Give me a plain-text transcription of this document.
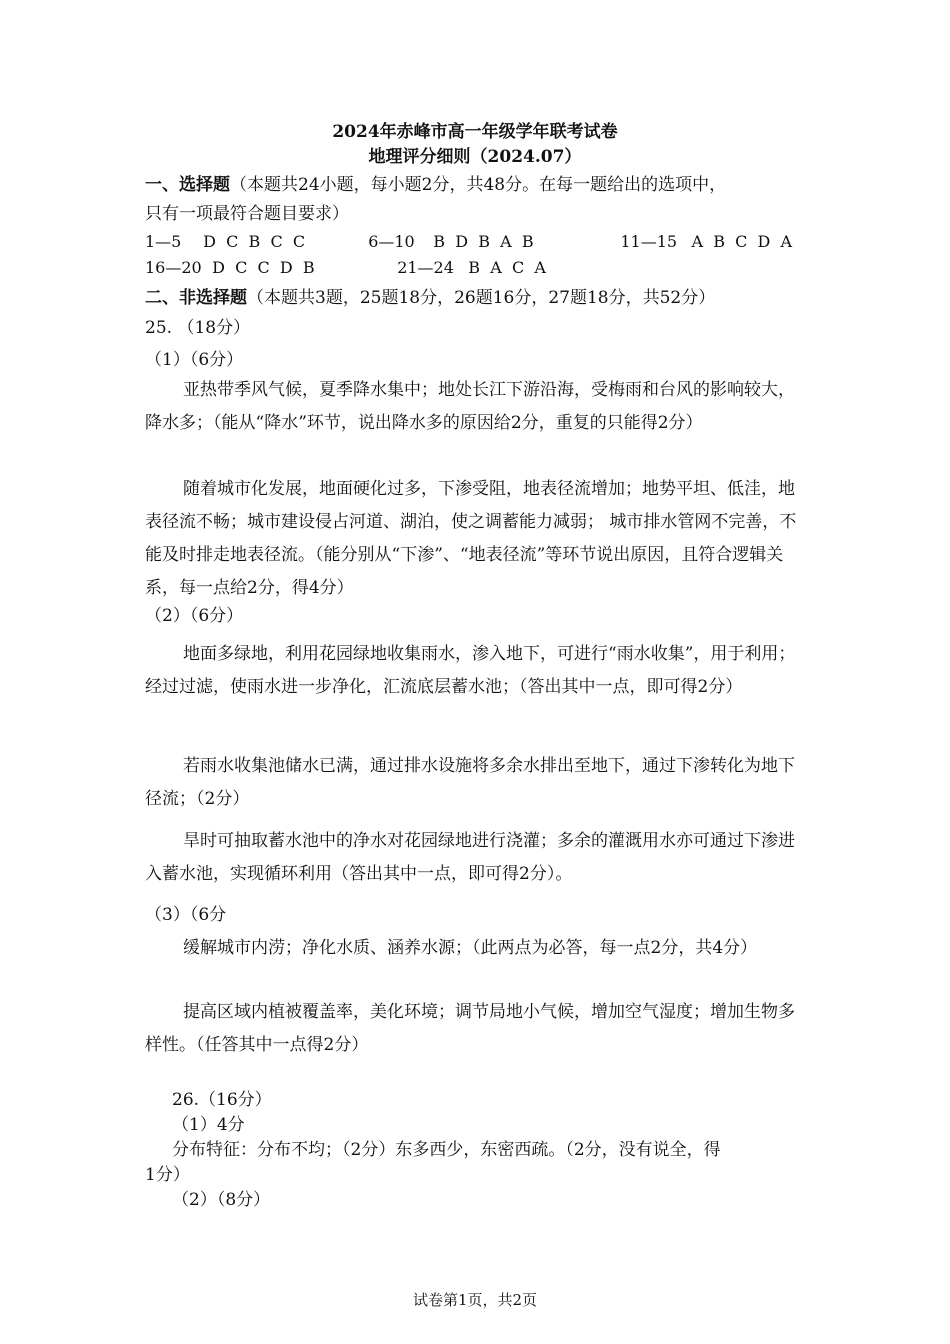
2024年赤峰市高一年级学年联考试卷
地理评分细则（2024.07）
一、选择题（本题共24小题，每小题2分，共48分。在每一题给出的选项中，
只有一项最符合题目要求）
1—5 D  C  B  C  C	6—10 B  D  B  A  B	11—15 A  B  C  D  A
16—20 D  C  C  D  B	21—24 B  A  C  A
二、非选择题（本题共3题，25题18分，26题16分，27题18分，共52分）
25. （18分）
（1）（6分）
亚热带季风气候，夏季降水集中；地处长江下游沿海，受梅雨和台风的影响较大，降水多；（能从“降水”环节，说出降水多的原因给2分，重复的只能得2分）
随着城市化发展，地面硬化过多，下渗受阻，地表径流增加；地势平坦、低洼，地表径流不畅；城市建设侵占河道、湖泊，使之调蓄能力减弱； 城市排水管网不完善，不能及时排走地表径流。（能分别从“下渗”、“地表径流”等环节说出原因，且符合逻辑关系，每一点给2分，得4分）
（2）（6分）
地面多绿地，利用花园绿地收集雨水，渗入地下，可进行“雨水收集”，用于利用；经过过滤，使雨水进一步净化，汇流底层蓄水池；（答出其中一点，即可得2分）
若雨水收集池储水已满，通过排水设施将多余水排出至地下，通过下渗转化为地下径流；（2分）
旱时可抽取蓄水池中的净水对花园绿地进行浇灌；多余的灌溉用水亦可通过下渗进入蓄水池，实现循环利用（答出其中一点，即可得2分）。
（3）（6分
缓解城市内涝；净化水质、涵养水源；（此两点为必答，每一点2分，共4分）
提高区域内植被覆盖率，美化环境；调节局地小气候，增加空气湿度；增加生物多样性。（任答其中一点得2分）
26.（16分）
（1）4分
分布特征：分布不均；（2分）东多西少，东密西疏。（2分，没有说全，得
1分）
（2）（8分）
试卷第1页，共2页
